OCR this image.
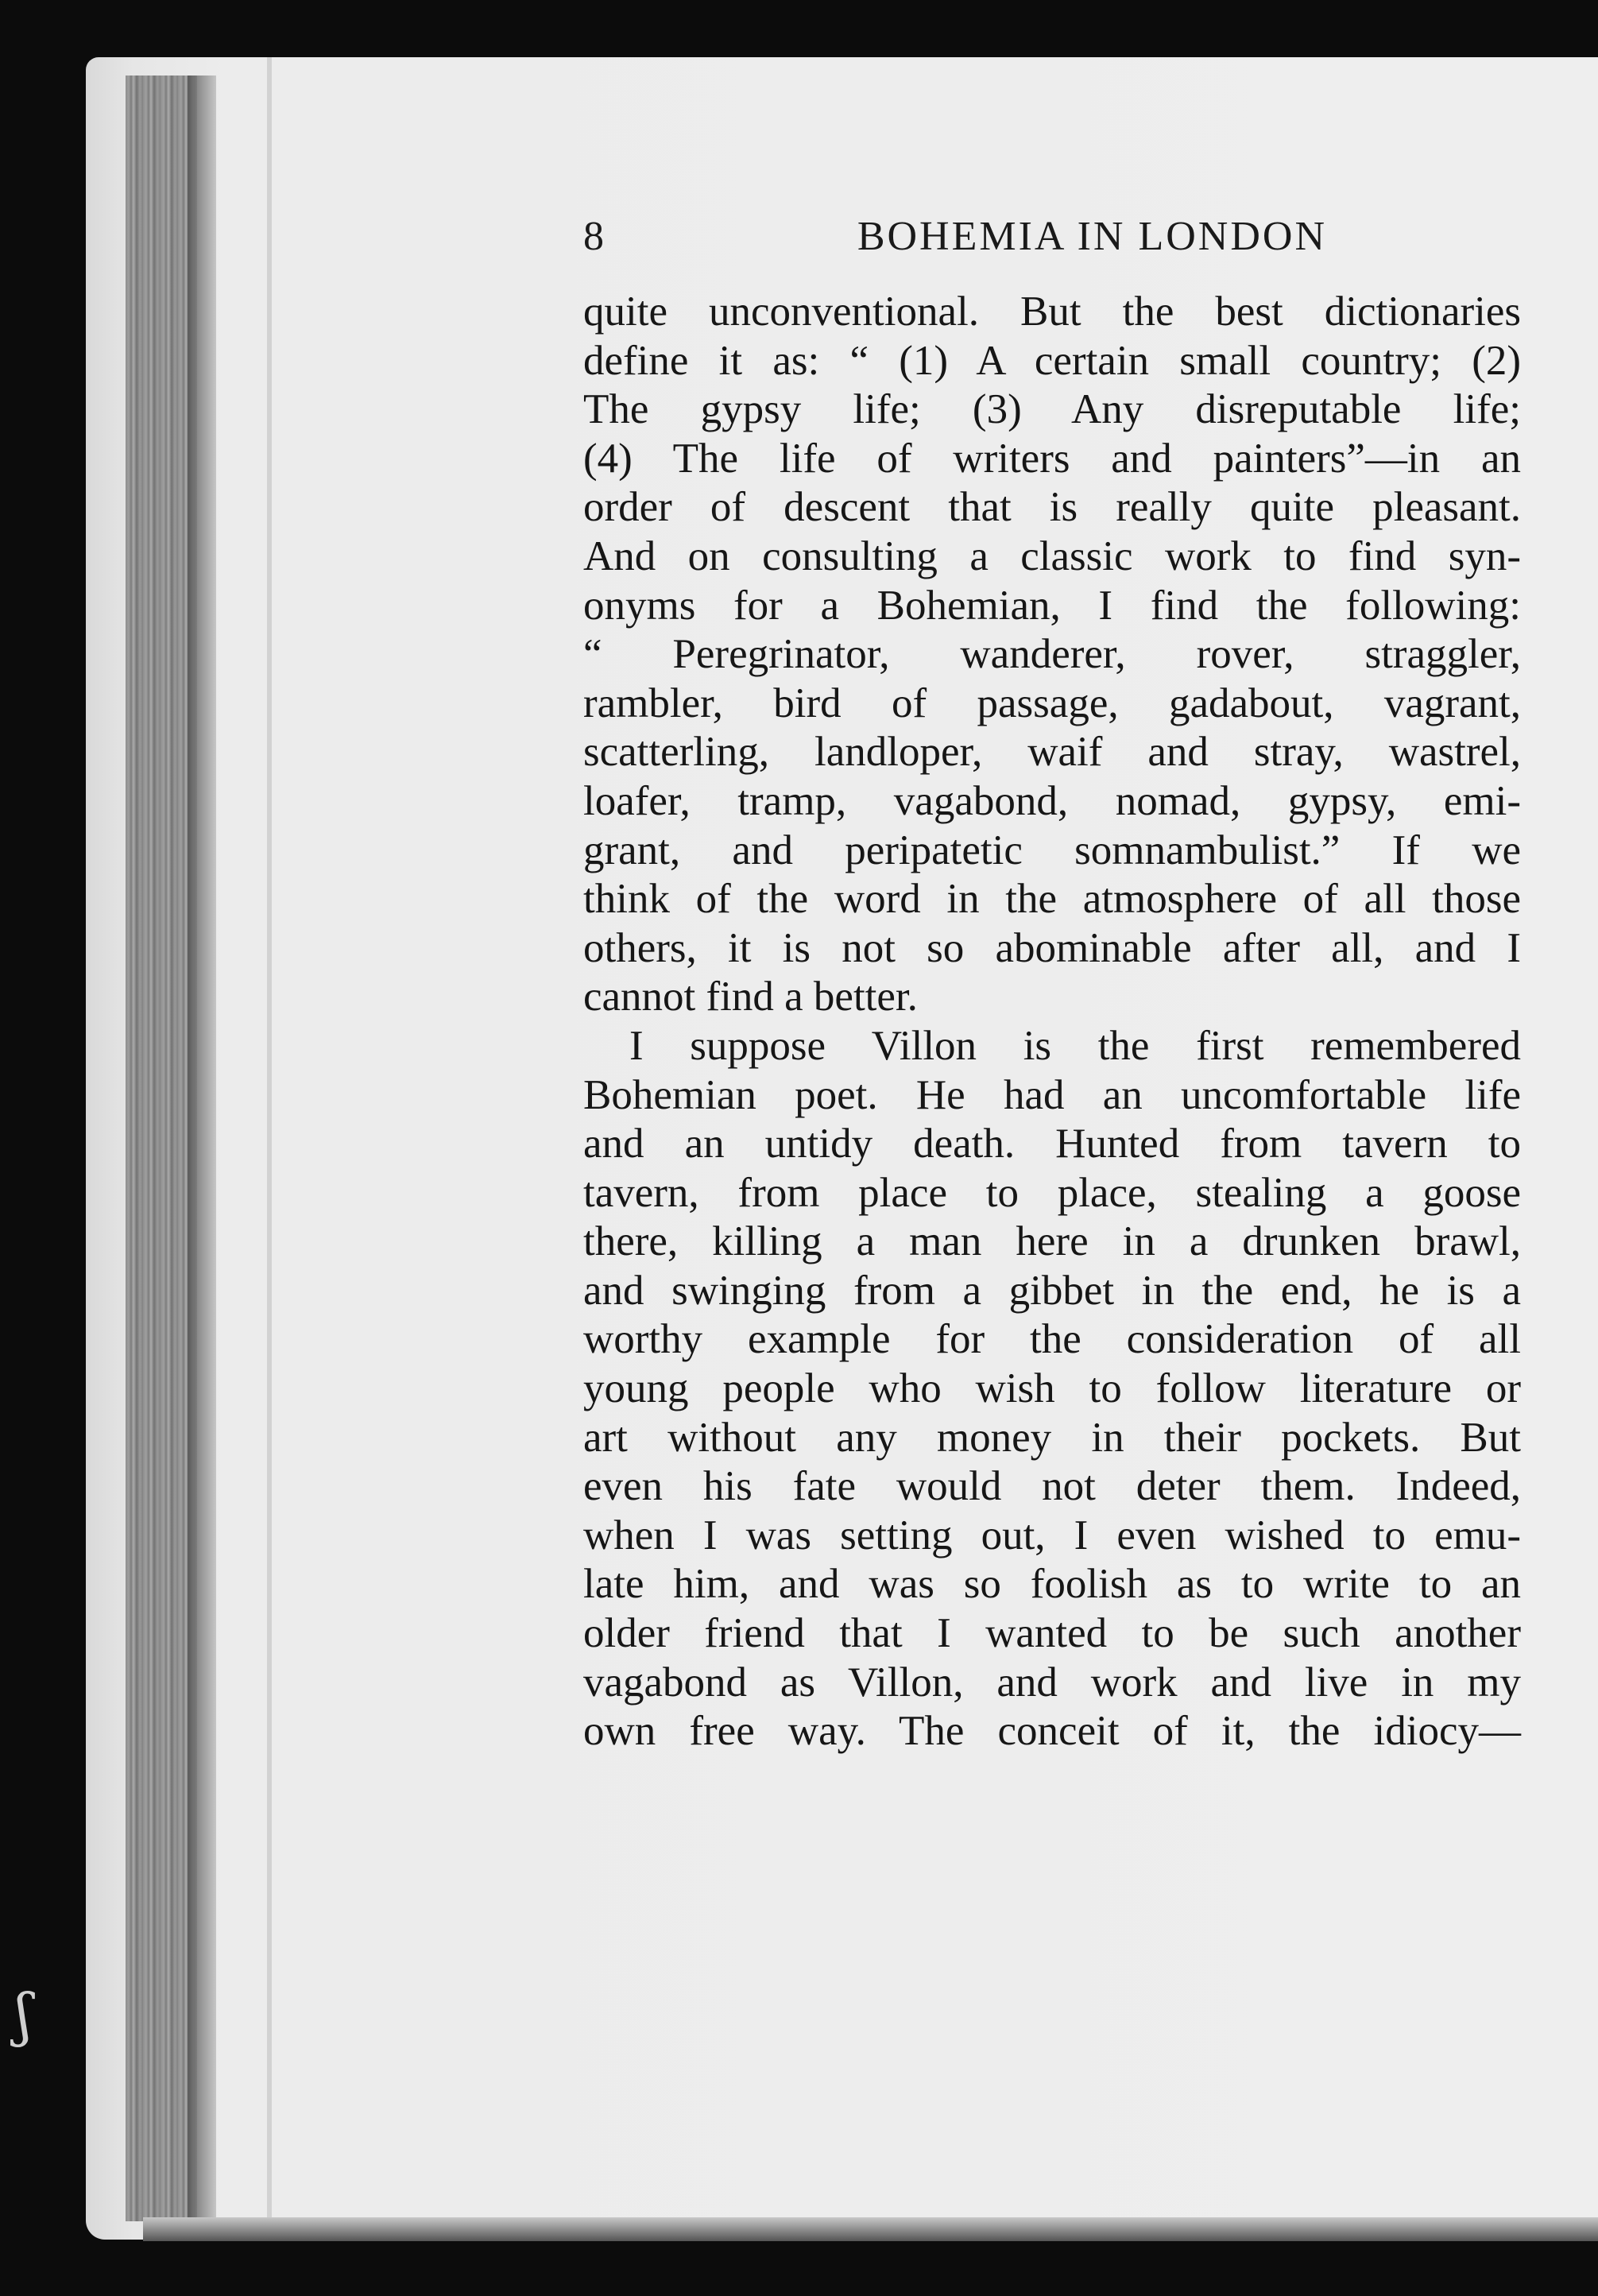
ʃ
8	BOHEMIA IN LONDON
quite unconventional. But the best dictionaries
define it as: “ (1) A certain small country; (2)
The gypsy life; (3) Any disreputable life;
(4) The life of writers and painters”—in an
order of descent that is really quite pleasant.
And on consulting a classic work to find syn-
onyms for a Bohemian, I find the following:
“ Peregrinator, wanderer, rover, straggler,
rambler, bird of passage, gadabout, vagrant,
scatterling, landloper, waif and stray, wastrel,
loafer, tramp, vagabond, nomad, gypsy, emi-
grant, and peripatetic somnambulist.” If we
think of the word in the atmosphere of all those
others, it is not so abominable after all, and I
cannot find a better.
I suppose Villon is the first remembered
Bohemian poet. He had an uncomfortable life
and an untidy death. Hunted from tavern to
tavern, from place to place, stealing a goose
there, killing a man here in a drunken brawl,
and swinging from a gibbet in the end, he is a
worthy example for the consideration of all
young people who wish to follow literature or
art without any money in their pockets. But
even his fate would not deter them. Indeed,
when I was setting out, I even wished to emu-
late him, and was so foolish as to write to an
older friend that I wanted to be such another
vagabond as Villon, and work and live in my
own free way. The conceit of it, the idiocy—
